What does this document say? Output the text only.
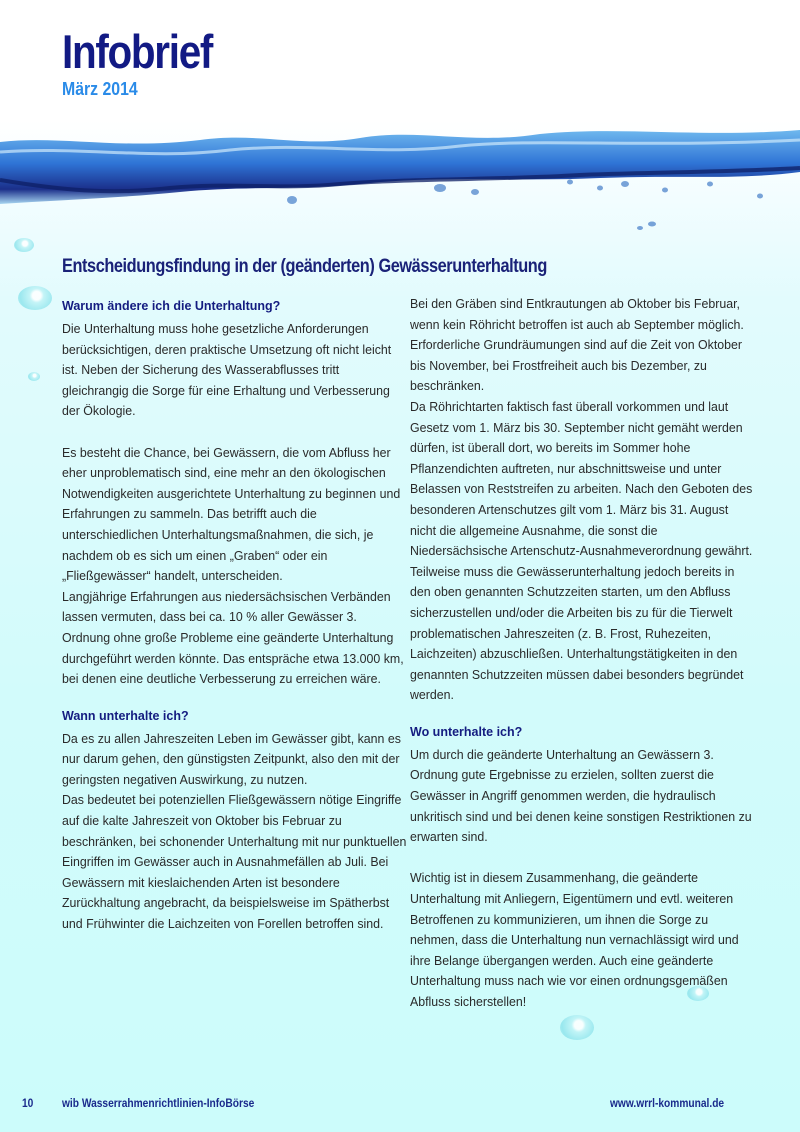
Infobrief
März 2014
Entscheidungsfindung in der (geänderten) Gewässerunterhaltung
Warum ändere ich die Unterhaltung?

Die Unterhaltung muss hohe gesetzliche Anforderungen berücksichtigen, deren praktische Umsetzung oft nicht leicht ist. Neben der Sicherung des Wasserabflusses tritt gleichrangig die Sorge für eine Erhaltung und Verbesserung der Ökologie.

Es besteht die Chance, bei Gewässern, die vom Abfluss her eher unproblematisch sind, eine mehr an den ökologischen Notwendigkeiten ausgerichtete Unterhaltung zu beginnen und Erfahrungen zu sammeln. Das betrifft auch die unterschiedlichen Unterhaltungsmaßnahmen, die sich, je nachdem ob es sich um einen „Graben“ oder ein „Fließgewässer“ handelt, unterscheiden.

Langjährige Erfahrungen aus niedersächsischen Verbänden lassen vermuten, dass bei ca. 10 % aller Gewässer 3. Ordnung ohne große Probleme eine geänderte Unterhaltung durchgeführt werden könnte. Das entspräche etwa 13.000 km, bei denen eine deutliche Verbesserung zu erreichen wäre.

Wann unterhalte ich?

Da es zu allen Jahreszeiten Leben im Gewässer gibt, kann es nur darum gehen, den günstigsten Zeitpunkt, also den mit der geringsten negativen Auswirkung, zu nutzen.

Das bedeutet bei potenziellen Fließgewässern nötige Eingriffe auf die kalte Jahreszeit von Oktober bis Februar zu beschränken, bei schonender Unterhaltung mit nur punktuellen Eingriffen im Gewässer auch in Ausnahmefällen ab Juli. Bei Gewässern mit kieslaichenden Arten ist besondere Zurückhaltung angebracht, da beispielsweise im Spätherbst und Frühwinter die Laichzeiten von Forellen betroffen sind.

Bei den Gräben sind Entkrautungen ab Oktober bis Februar, wenn kein Röhricht betroffen ist auch ab September möglich. Erforderliche Grundräumungen sind auf die Zeit von Oktober bis November, bei Frostfreiheit auch bis Dezember, zu beschränken.

Da Röhrichtarten faktisch fast überall vorkommen und laut Gesetz vom 1. März bis 30. September nicht gemäht werden dürfen, ist überall dort, wo bereits im Sommer hohe Pflanzendichten auftreten, nur abschnittsweise und unter Belassen von Reststreifen zu arbeiten. Nach den Geboten des besonderen Artenschutzes gilt vom 1. März bis 31. August nicht die allgemeine Ausnahme, die sonst die Niedersächsische Artenschutz-Ausnahmeverordnung gewährt. Teilweise muss die Gewässerunterhaltung jedoch bereits in den oben genannten Schutzzeiten starten, um den Abfluss sicherzustellen und/oder die Arbeiten bis zu für die Tierwelt problematischen Jahreszeiten (z. B. Frost, Ruhezeiten, Laichzeiten) abzuschließen. Unterhaltungstätigkeiten in den genannten Schutzzeiten müssen dabei besonders begründet werden.

Wo unterhalte ich?

Um durch die geänderte Unterhaltung an Gewässern 3. Ordnung gute Ergebnisse zu erzielen, sollten zuerst die Gewässer in Angriff genommen werden, die hydraulisch unkritisch sind und bei denen keine sonstigen Restriktionen zu erwarten sind.

Wichtig ist in diesem Zusammenhang, die geänderte Unterhaltung mit Anliegern, Eigentümern und evtl. weiteren Betroffenen zu kommunizieren, um ihnen die Sorge zu nehmen, dass die Unterhaltung nun vernachlässigt wird und ihre Belange übergangen werden. Auch eine geänderte Unterhaltung muss nach wie vor einen ordnungsgemäßen Abfluss sicherstellen!

10 wib Wasserrahmenrichtlinien-InfoBörse	www.wrrl-kommunal.de
